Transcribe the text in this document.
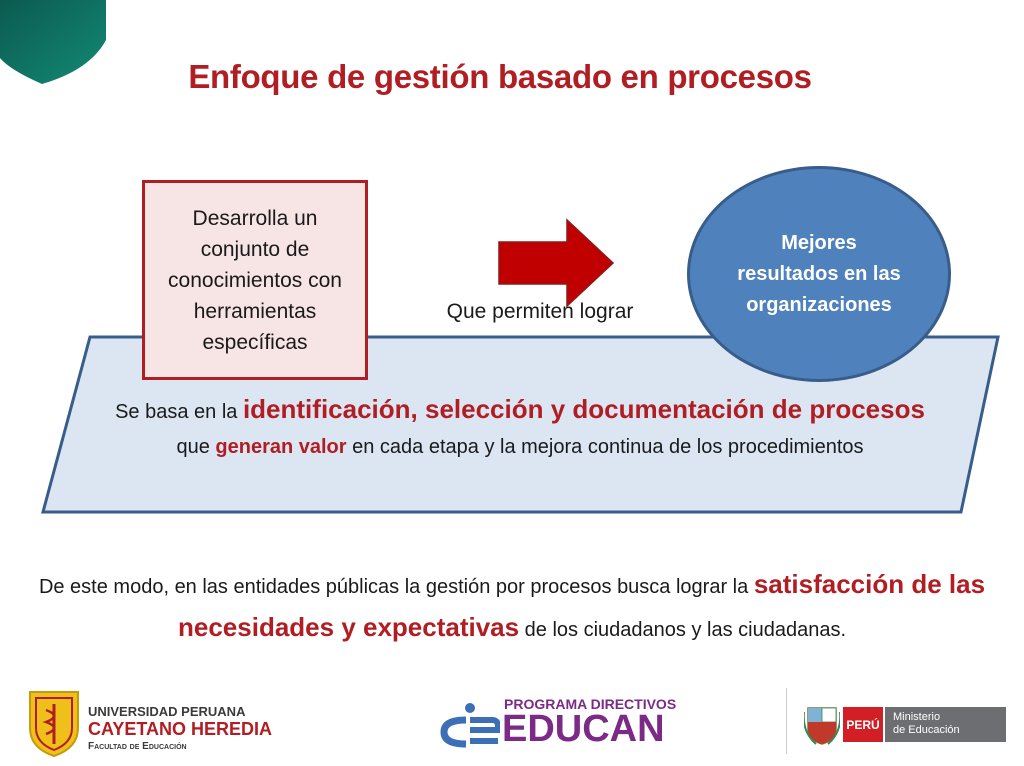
Enfoque de gestión basado en procesos
Desarrolla un conjunto de conocimientos con herramientas específicas
Que permiten lograr
Mejores resultados en las organizaciones
Se basa en la identificación, selección y documentación de procesos que generan valor en cada etapa y la mejora continua de los procedimientos
De este modo, en las entidades públicas la gestión por procesos busca lograr la satisfacción de las necesidades y expectativas de los ciudadanos y las ciudadanas.
UNIVERSIDAD PERUANA
CAYETANO HEREDIA
Facultad de Educación
PROGRAMA DIRECTIVOS
EDUCAN	PERÚ
Ministerio
de Educación
